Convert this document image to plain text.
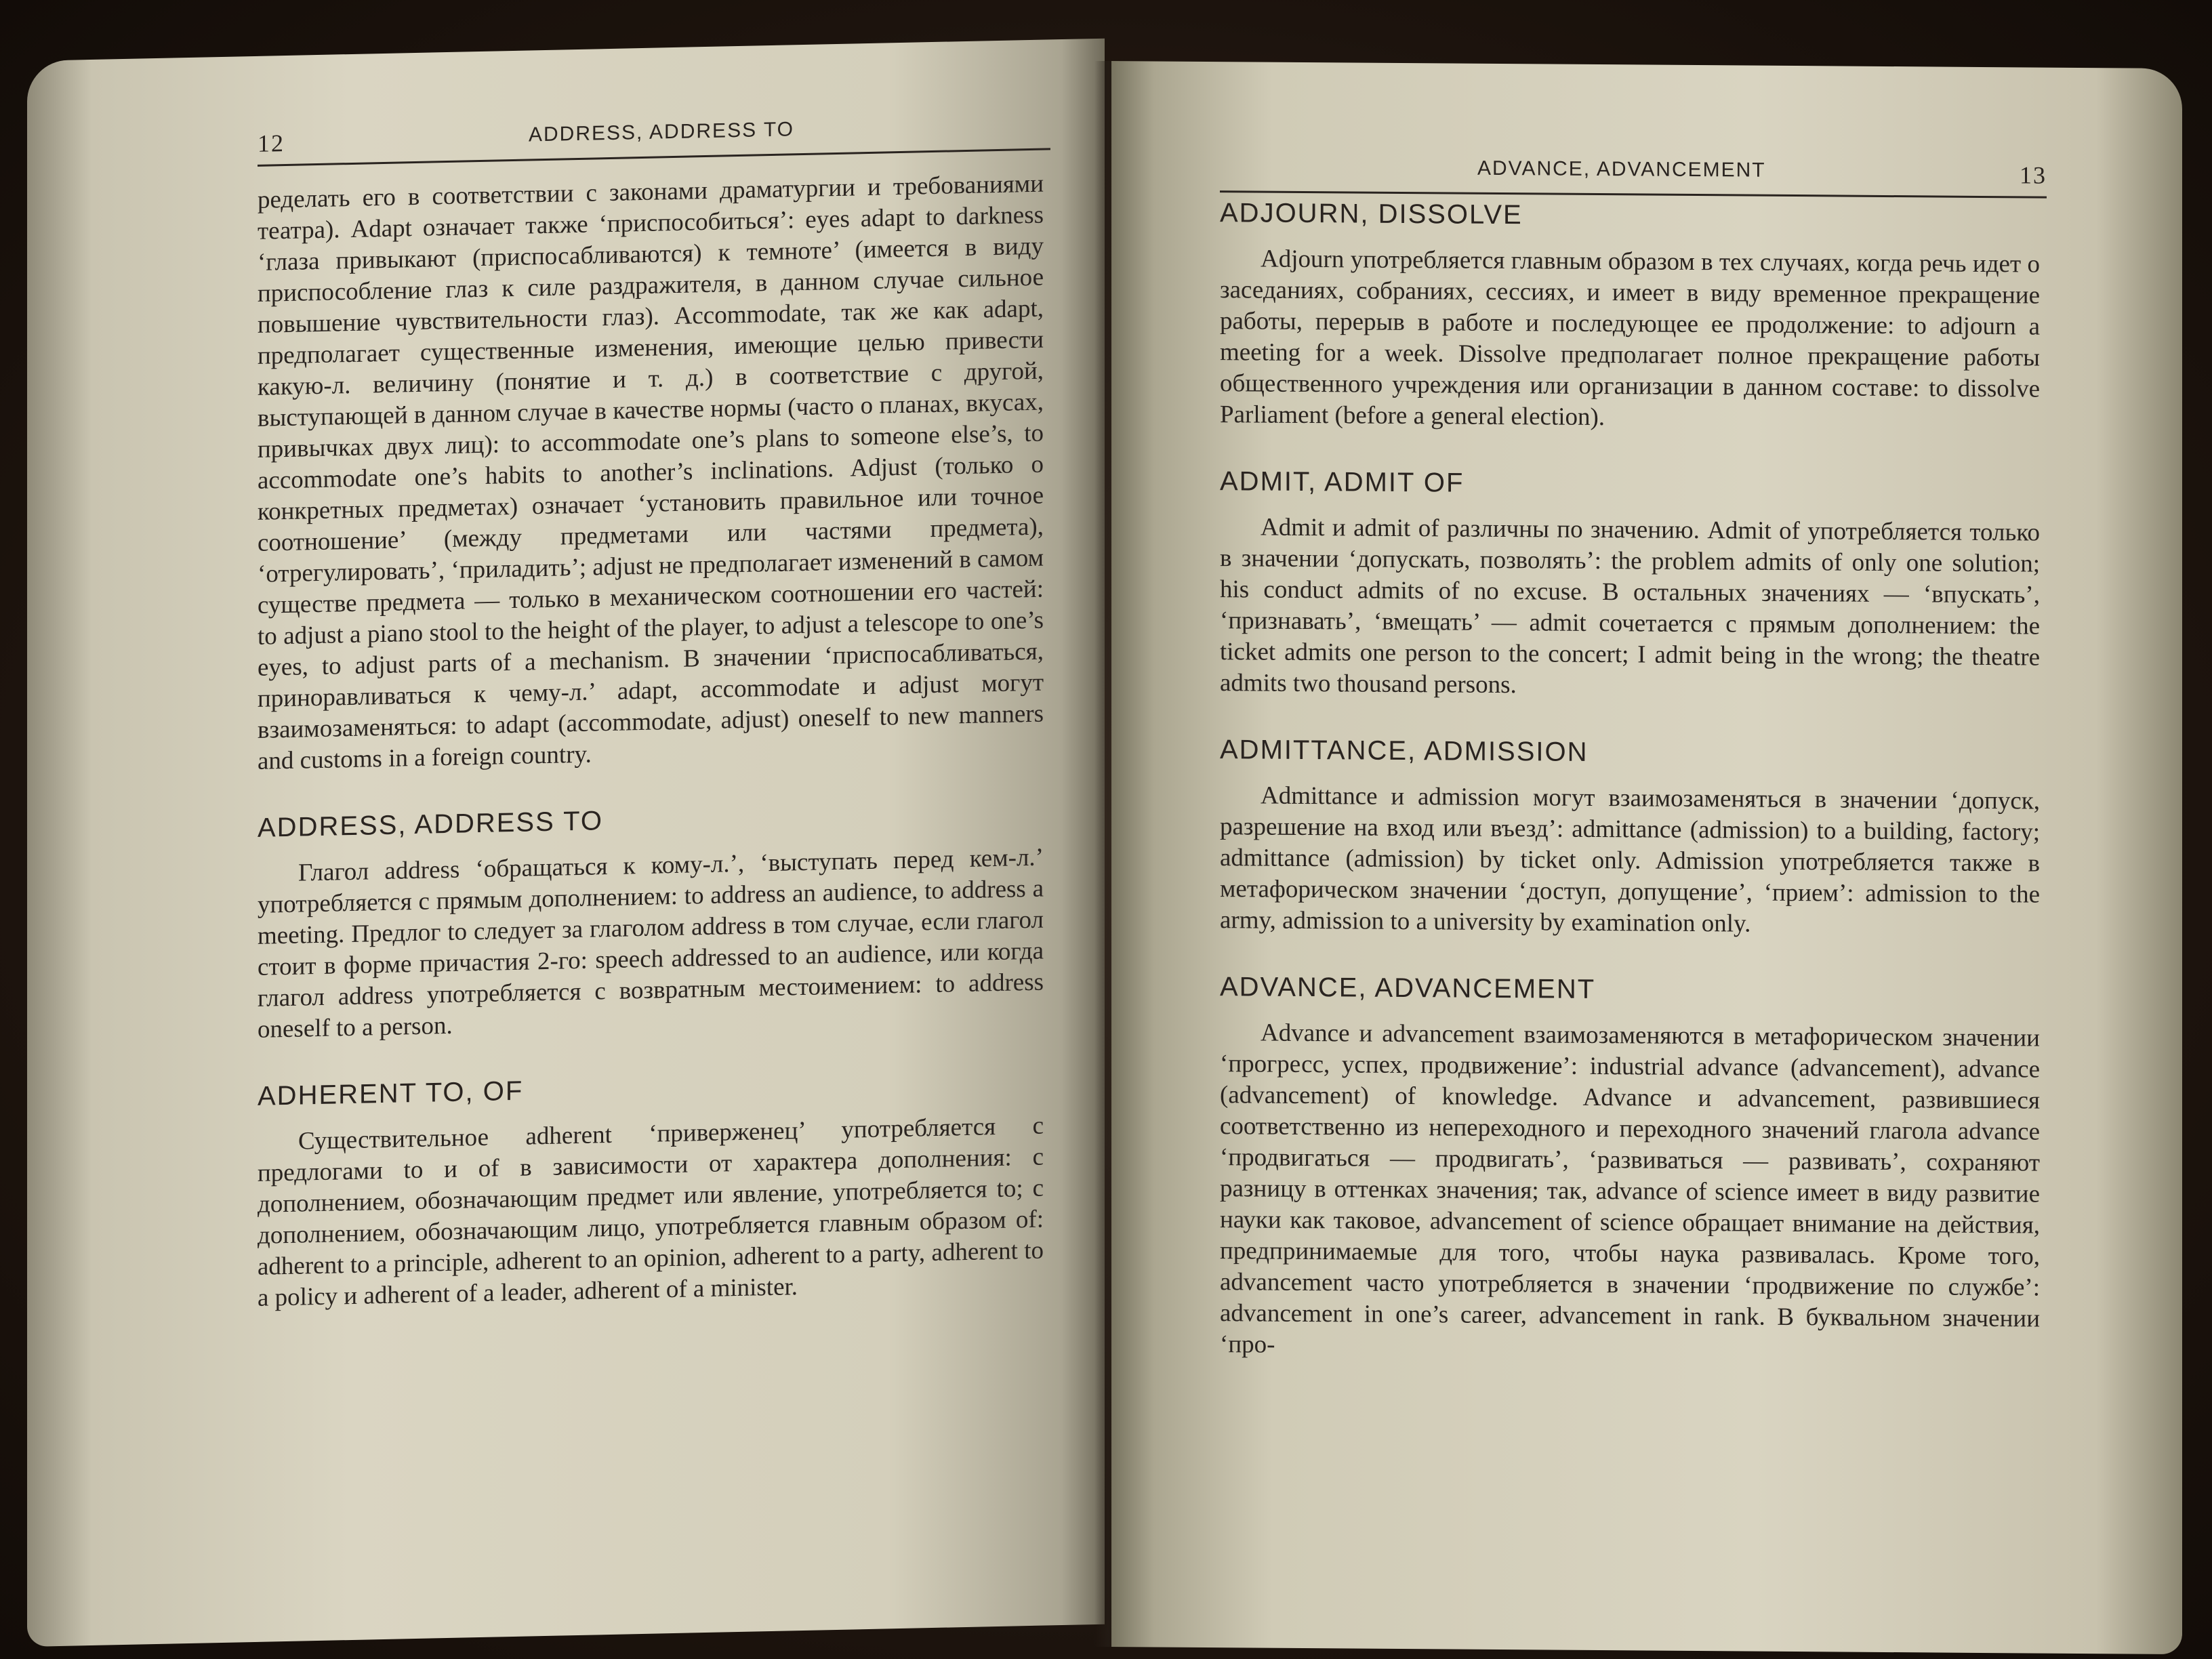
12	ADDRESS, ADDRESS TO

ределать его в соответствии с законами драматургии и требованиями театра). Adapt означает также ‘приспособиться’: eyes adapt to darkness ‘глаза привыкают (приспосабливаются) к темноте’ (имеется в виду приспособление глаз к силе раздражителя, в данном случае сильное повышение чувствительности глаз). Accommodate, так же как adapt, предполагает существенные изменения, имеющие целью привести какую-л. величину (понятие и т. д.) в соответствие с другой, выступающей в данном случае в качестве нормы (часто о планах, вкусах, привычках двух лиц): to accommodate one’s plans to someone else’s, to accommodate one’s habits to another’s inclinations. Adjust (только о конкретных предметах) означает ‘установить правильное или точное соотношение’ (между предметами или частями предмета), ‘отрегулировать’, ‘приладить’; adjust не предполагает изменений в самом существе предмета — только в механическом соотношении его частей: to adjust a piano stool to the height of the player, to adjust a telescope to one’s eyes, to adjust parts of a mechanism. В значении ‘приспосабливаться, приноравливаться к чему-л.’ adapt, accommodate и adjust могут взаимозаменяться: to adapt (accommodate, adjust) oneself to new manners and customs in a foreign country.

ADDRESS, ADDRESS TO

Глагол address ‘обращаться к кому-л.’, ‘выступать перед кем-л.’ употребляется с прямым дополнением: to address an audience, to address a meeting. Предлог to следует за глаголом address в том случае, если глагол стоит в форме причастия 2-го: speech addressed to an audience, или когда глагол address употребляется с возвратным местоимением: to address oneself to a person.

ADHERENT TO, OF

Существительное adherent ‘приверженец’ употребляется с предлогами to и of в зависимости от характера дополнения: с дополнением, обозначающим предмет или явление, употребляется to; с дополнением, обозначающим лицо, употребляется главным образом of: adherent to a principle, adherent to an opinion, adherent to a party, adherent to a policy и adherent of a leader, adherent of a minister.

ADVANCE, ADVANCEMENT	13
ADJOURN, DISSOLVE

Adjourn употребляется главным образом в тех случаях, когда речь идет о заседаниях, собраниях, сессиях, и имеет в виду временное прекращение работы, перерыв в работе и последующее ее продолжение: to adjourn a meeting for a week. Dissolve предполагает полное прекращение работы общественного учреждения или организации в данном составе: to dissolve Parliament (before a general election).

ADMIT, ADMIT OF

Admit и admit of различны по значению. Admit of употребляется только в значении ‘допускать, позволять’: the problem admits of only one solution; his conduct admits of no excuse. В остальных значениях — ‘впускать’, ‘признавать’, ‘вмещать’ — admit сочетается с прямым дополнением: the ticket admits one person to the concert; I admit being in the wrong; the theatre admits two thousand persons.

ADMITTANCE, ADMISSION

Admittance и admission могут взаимозаменяться в значении ‘допуск, разрешение на вход или въезд’: admittance (admission) to a building, factory; admittance (admission) by ticket only. Admission употребляется также в метафорическом значении ‘доступ, допущение’, ‘прием’: admission to the army, admission to a university by examination only.

ADVANCE, ADVANCEMENT

Advance и advancement взаимозаменяются в метафорическом значении ‘прогресс, успех, продвижение’: industrial advance (advancement), advance (advancement) of knowledge. Advance и advancement, развившиеся соответственно из непереходного и переходного значений глагола advance ‘продвигаться — продвигать’, ‘развиваться — развивать’, сохраняют разницу в оттенках значения; так, advance of science имеет в виду развитие науки как таковое, advancement of science обращает внимание на действия, предпринимаемые для того, чтобы наука развивалась. Кроме того, advancement часто употребляется в значении ‘продвижение по службе’: advancement in one’s career, advancement in rank. В буквальном значении ‘про-
